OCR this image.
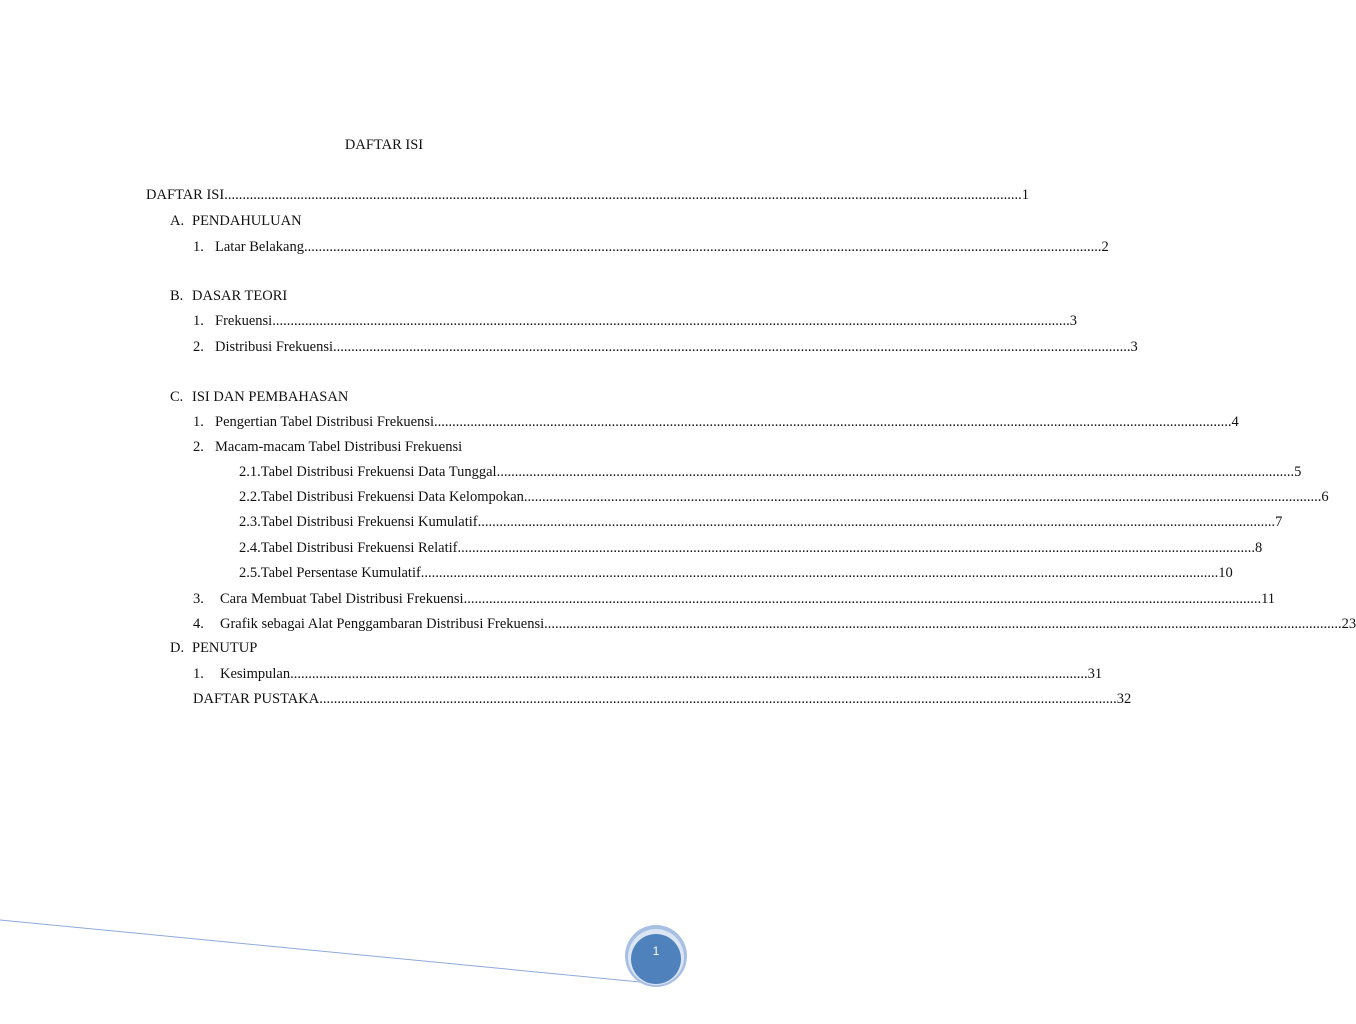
DAFTAR ISI
DAFTAR ISI ............................................................................................................................................................................................................................ 1
A. PENDAHULUAN
1. Latar Belakang ............................................................................................................................................................................................................................ 2
B. DASAR TEORI
1. Frekuensi ............................................................................................................................................................................................................................ 3
2. Distribusi Frekuensi ............................................................................................................................................................................................................................ 3
C. ISI DAN PEMBAHASAN
1. Pengertian Tabel Distribusi Frekuensi ............................................................................................................................................................................................................................ 4
2. Macam-macam Tabel Distribusi Frekuensi
2.1.Tabel Distribusi Frekuensi Data Tunggal ............................................................................................................................................................................................................................ 5
2.2.Tabel Distribusi Frekuensi Data Kelompokan ............................................................................................................................................................................................................................ 6
2.3.Tabel Distribusi Frekuensi Kumulatif ............................................................................................................................................................................................................................ 7
2.4.Tabel Distribusi Frekuensi Relatif ............................................................................................................................................................................................................................ 8
2.5.Tabel Persentase Kumulatif ............................................................................................................................................................................................................................ 10
3. Cara Membuat Tabel Distribusi Frekuensi ............................................................................................................................................................................................................................ 11
4. Grafik sebagai Alat Penggambaran Distribusi Frekuensi ............................................................................................................................................................................................................................ 23
D. PENUTUP
1. Kesimpulan ............................................................................................................................................................................................................................ 31
DAFTAR PUSTAKA ............................................................................................................................................................................................................................ 32
1
